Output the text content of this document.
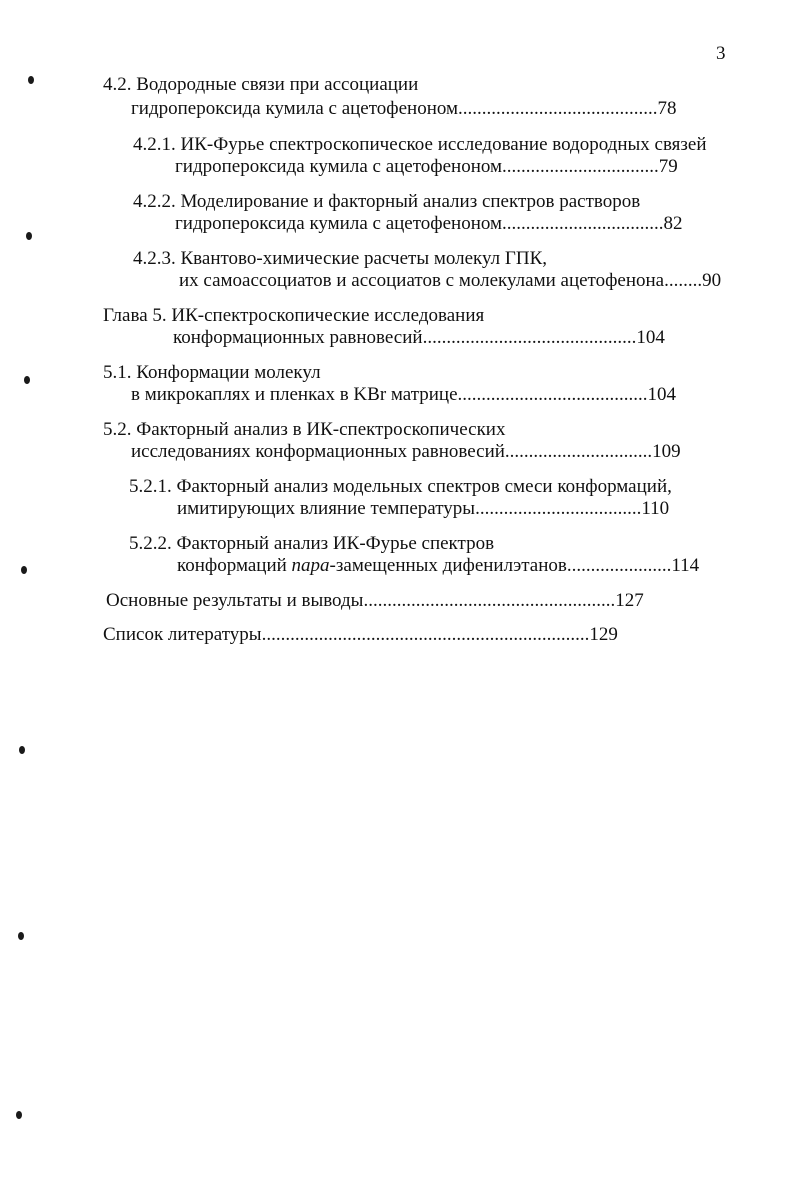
3
4.2. Водородные связи при ассоциации
гидропероксида кумила с ацетофеноном..........................................78
4.2.1. ИК-Фурье спектроскопическое исследование водородных связей
гидропероксида кумила с ацетофеноном.................................79
4.2.2. Моделирование и факторный анализ спектров растворов
гидропероксида кумила с ацетофеноном..................................82
4.2.3. Квантово-химические расчеты молекул ГПК,
их самоассоциатов и ассоциатов с молекулами ацетофенона........90
Глава 5. ИК-спектроскопические исследования
конформационных равновесий.............................................104
5.1. Конформации молекул
в микрокаплях и пленках в KBr матрице........................................104
5.2. Факторный анализ в ИК-спектроскопических
исследованиях конформационных равновесий...............................109
5.2.1. Факторный анализ модельных спектров смеси конформаций,
имитирующих влияние температуры...................................110
5.2.2. Факторный анализ ИК-Фурье спектров
конформаций пара-замещенных дифенилэтанов......................114
Основные результаты и выводы.....................................................127
Список литературы.....................................................................129
